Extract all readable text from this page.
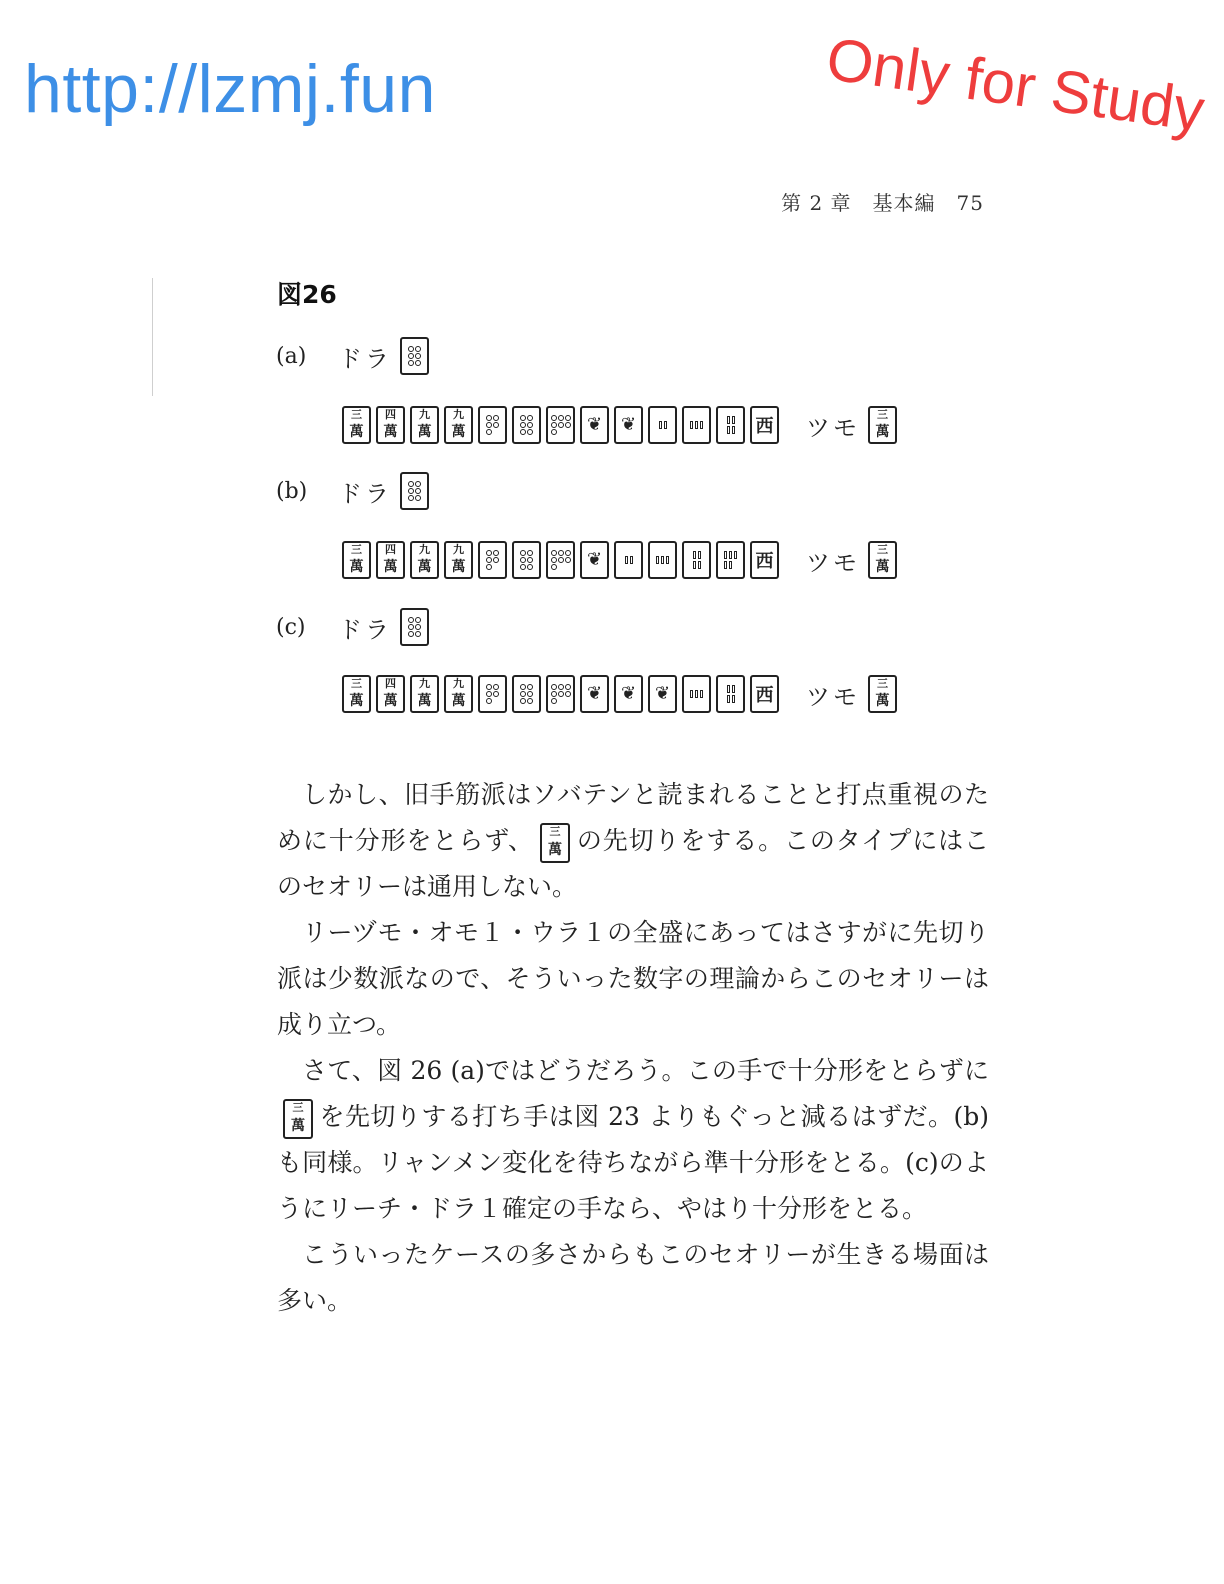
http://lzmj.fun	Only for Study
第 2 章　基本編　75
図26
(a)	ドラ
三
萬
四
萬
九
萬
九
萬	❦ ❦	西 ツモ	三
萬
(b)	ドラ
三
萬
四
萬
九
萬
九
萬	❦	西 ツモ	三
萬
(c)	ドラ
三
萬
四
萬
九
萬
九
萬	❦ ❦ ❦	西 ツモ	三
萬

しかし、旧手筋派はソバテンと読まれることと打点重視のために十分形をとらず、	三
萬 の先切りをする。このタイプにはこのセオリーは通用しない。

リーヅモ・オモ１・ウラ１の全盛にあってはさすがに先切り派は少数派なので、そういった数字の理論からこのセオリーは成り立つ。

さて、図 26 (a)ではどうだろう。この手で十分形をとらずに
三
萬 を先切りする打ち手は図 23 よりもぐっと減るはずだ。(b)も同様。リャンメン変化を待ちながら準十分形をとる。(c)のようにリーチ・ドラ１確定の手なら、やはり十分形をとる。

こういったケースの多さからもこのセオリーが生きる場面は多い。
